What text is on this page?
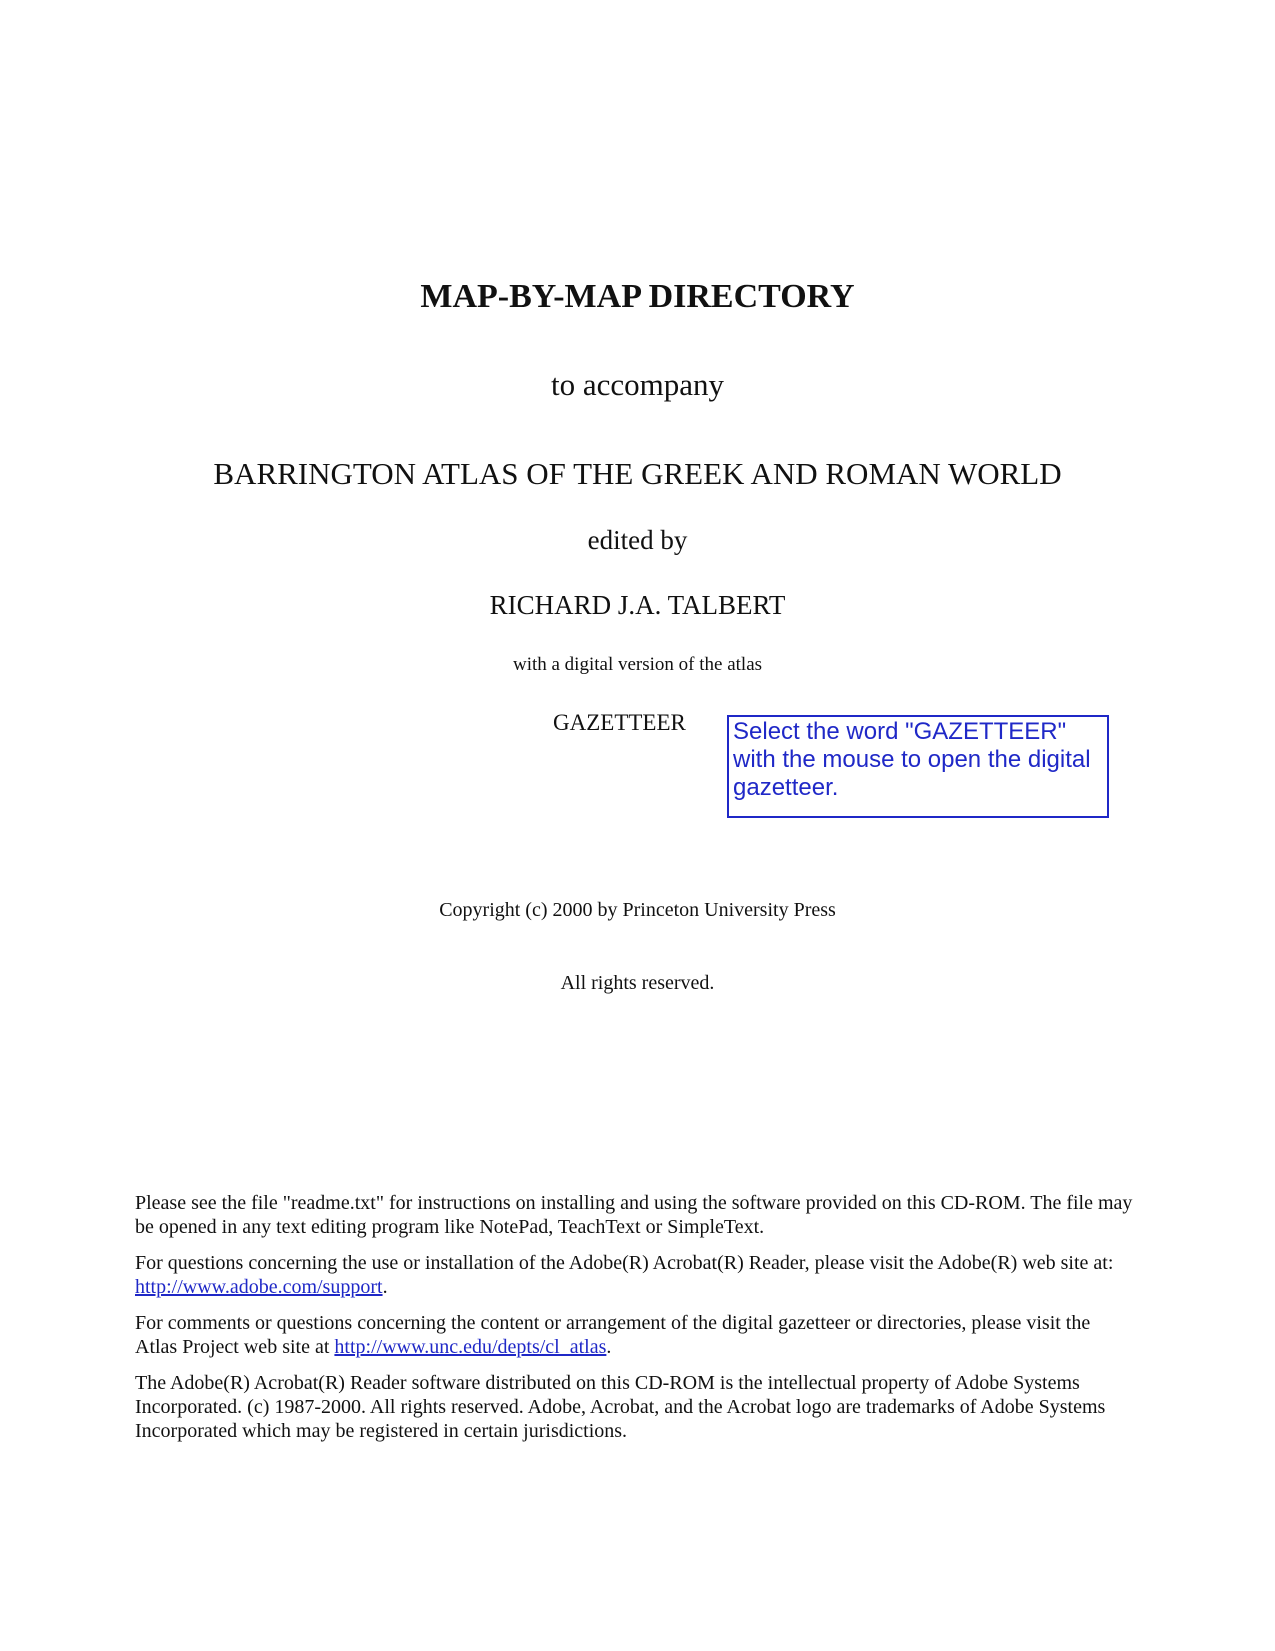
MAP-BY-MAP DIRECTORY
to accompany
BARRINGTON ATLAS OF THE GREEK AND ROMAN WORLD
edited by
RICHARD J.A. TALBERT
with a digital version of the atlas
GAZETTEER Select the word "GAZETTEER" with the mouse to open the digital gazetteer.
Copyright (c) 2000 by Princeton University Press
All rights reserved.
Please see the file "readme.txt" for instructions on installing and using the software provided on this CD-ROM. The file may be opened in any text editing program like NotePad, TeachText or SimpleText.
For questions concerning the use or installation of the Adobe(R) Acrobat(R) Reader, please visit the Adobe(R) web site at: http://www.adobe.com/support.
For comments or questions concerning the content or arrangement of the digital gazetteer or directories, please visit the Atlas Project web site at http://www.unc.edu/depts/cl_atlas.
The Adobe(R) Acrobat(R) Reader software distributed on this CD-ROM is the intellectual property of Adobe Systems Incorporated. (c) 1987-2000. All rights reserved. Adobe, Acrobat, and the Acrobat logo are trademarks of Adobe Systems Incorporated which may be registered in certain jurisdictions.
